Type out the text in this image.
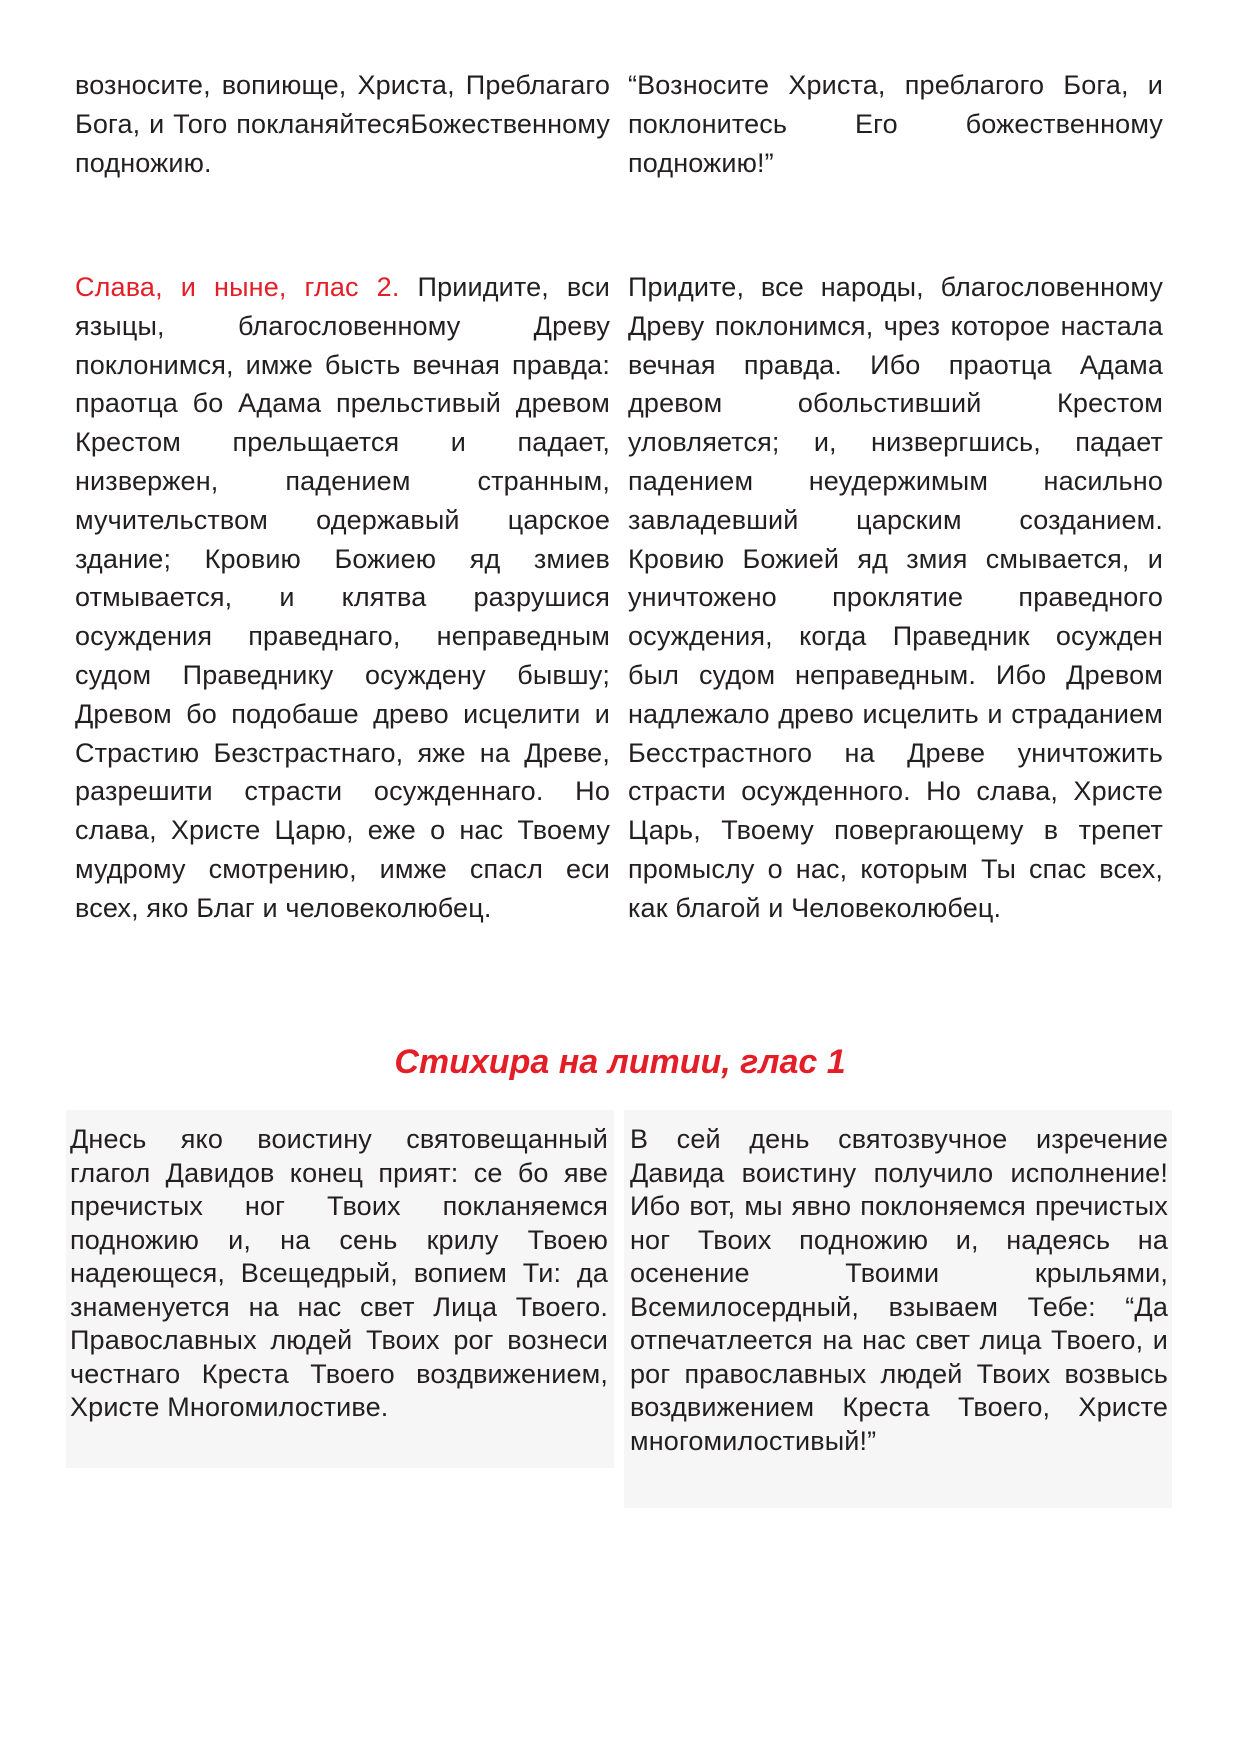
возносите, вопиюще, Христа, Преблагаго Бога, и Того покланяйтесяБожественному подножию.
“Возносите Христа, преблагого Бога, и поклонитесь Его божественному подножию!”
Слава, и ныне, глас 2. Приидите, вси языцы, благословенному Древу поклонимся, имже бысть вечная правда: праотца бо Адама прельстивый древом Крестом прельщается и падает, низвержен, падением странным, мучительством одержавый царское здание; Кровию Божиею яд змиев отмывается, и клятва разрушися осуждения праведнаго, неправедным судом Праведнику осуждену бывшу; Древом бо подобаше древо исцелити и Страстию Безстрастнаго, яже на Древе, разрешити страсти осужденнаго. Но слава, Христе Царю, еже о нас Твоему мудрому смотрению, имже спасл еси всех, яко Благ и человеколюбец.
Придите, все народы, благословенному Древу поклонимся, чрез которое настала вечная правда. Ибо праотца Адама древом обольстивший Крестом уловляется; и, низвергшись, падает падением неудержимым насильно завладевший царским созданием. Кровию Божией яд змия смывается, и уничтожено проклятие праведного осуждения, когда Праведник осужден был судом неправедным. Ибо Древом надлежало древо исцелить и страданием Бесстрастного на Древе уничтожить страсти осужденного. Но слава, Христе Царь, Твоему повергающему в трепет промыслу о нас, которым Ты спас всех, как благой и Человеколюбец.
Стихира на литии, глас 1
Днесь яко воистину святовещанный глагол Давидов конец прият: се бо яве пречистых ног Твоих покланяемся подножию и, на сень крилу Твоею надеющеся, Всещедрый, вопием Ти: да знаменуется на нас свет Лица Твоего. Православных людей Твоих рог вознеси честнаго Креста Твоего воздвижением, Христе Многомилостиве.
В сей день святозвучное изречение Давида воистину получило исполнение! Ибо вот, мы явно поклоняемся пречистых ног Твоих подножию и, надеясь на осенение Твоими крыльями, Всемилосердный, взываем Тебе: “Да отпечатлеется на нас свет лица Твоего, и рог православных людей Твоих возвысь воздвижением Креста Твоего, Христе многомилостивый!”
